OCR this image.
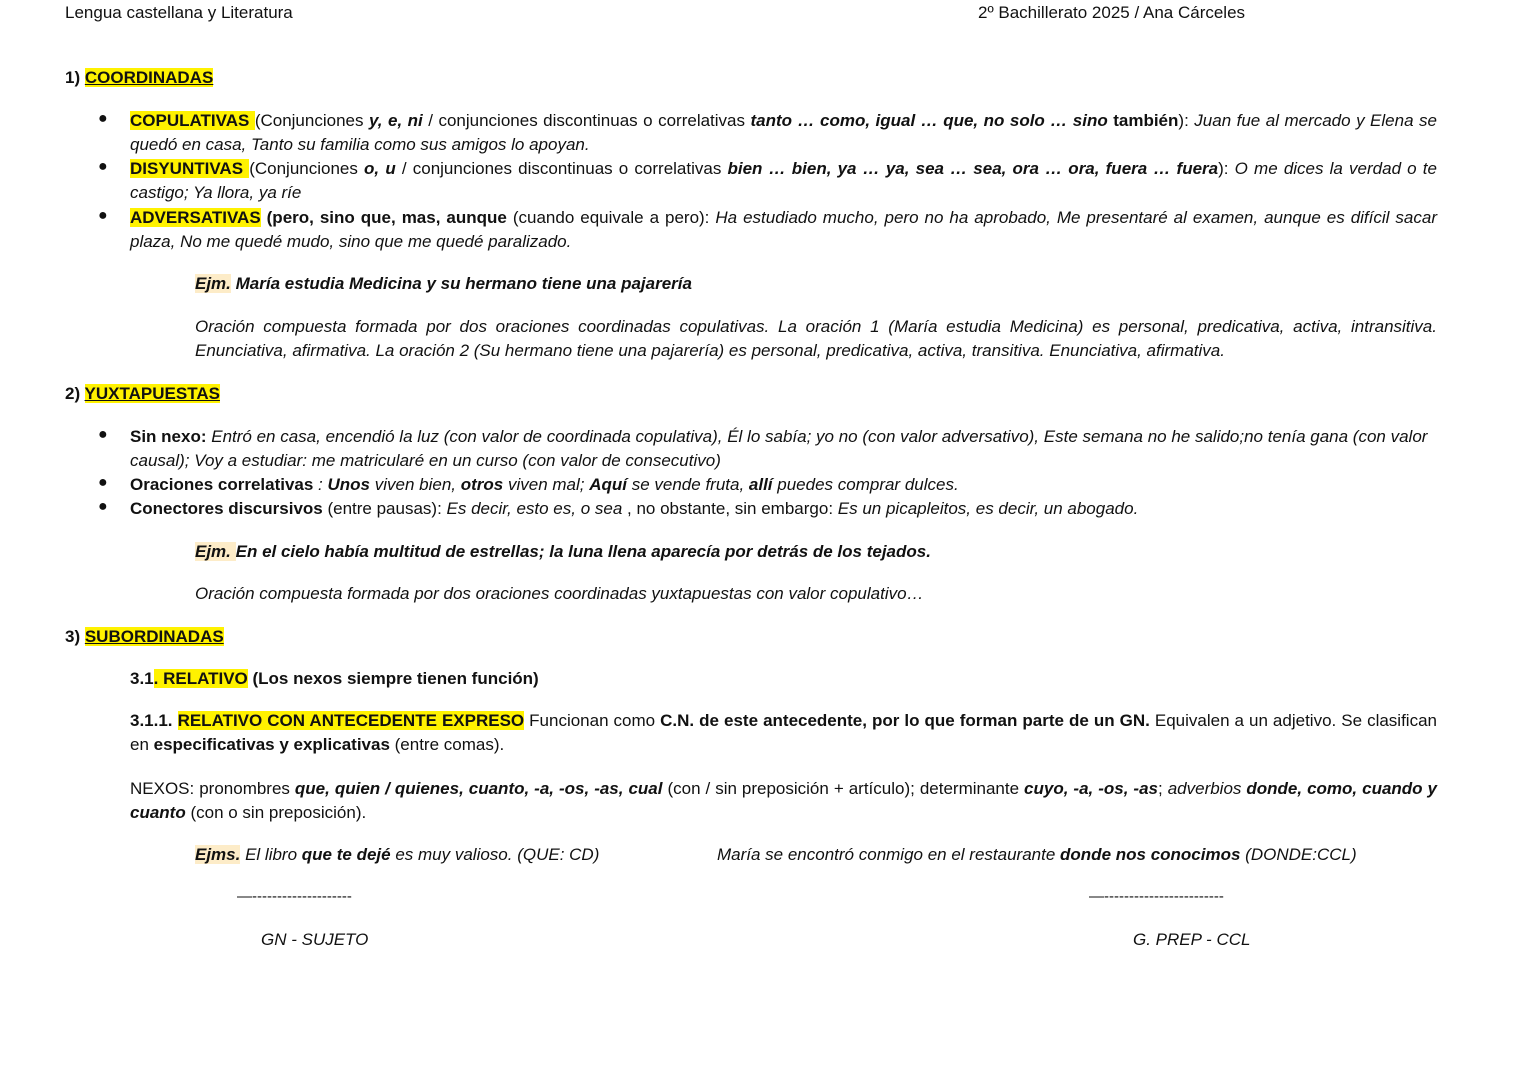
Lengua castellana y Literatura	2º Bachillerato 2025 / Ana Cárceles
1) COORDINADAS
● COPULATIVAS (Conjunciones y, e, ni / conjunciones discontinuas o correlativas tanto … como, igual … que, no solo … sino también): Juan fue al mercado y Elena se quedó en casa, Tanto su familia como sus amigos lo apoyan.
● DISYUNTIVAS (Conjunciones o, u / conjunciones discontinuas o correlativas bien … bien, ya … ya, sea … sea, ora … ora, fuera … fuera): O me dices la verdad o te castigo; Ya llora, ya ríe
● ADVERSATIVAS (pero, sino que, mas, aunque (cuando equivale a pero): Ha estudiado mucho, pero no ha aprobado, Me presentaré al examen, aunque es difícil sacar plaza, No me quedé mudo, sino que me quedé paralizado.
Ejm. María estudia Medicina y su hermano tiene una pajarería
Oración compuesta formada por dos oraciones coordinadas copulativas. La oración 1 (María estudia Medicina) es personal, predicativa, activa, intransitiva. Enunciativa, afirmativa. La oración 2 (Su hermano tiene una pajarería) es personal, predicativa, activa, transitiva. Enunciativa, afirmativa.
2) YUXTAPUESTAS
● Sin nexo: Entró en casa, encendió la luz (con valor de coordinada copulativa), Él lo sabía; yo no (con valor adversativo), Este semana no he salido;no tenía gana (con valor causal); Voy a estudiar: me matricularé en un curso (con valor de consecutivo)
● Oraciones correlativas : Unos viven bien, otros viven mal; Aquí se vende fruta, allí puedes comprar dulces.
● Conectores discursivos (entre pausas): Es decir, esto es, o sea , no obstante, sin embargo: Es un picapleitos, es decir, un abogado.
Ejm. En el cielo había multitud de estrellas; la luna llena aparecía por detrás de los tejados.
Oración compuesta formada por dos oraciones coordinadas yuxtapuestas con valor copulativo…
3) SUBORDINADAS
3.1. RELATIVO (Los nexos siempre tienen función)
3.1.1. RELATIVO CON ANTECEDENTE EXPRESO Funcionan como C.N. de este antecedente, por lo que forman parte de un GN. Equivalen a un adjetivo. Se clasifican en especificativas y explicativas (entre comas).
NEXOS: pronombres que, quien / quienes, cuanto, -a, -os, -as, cual (con / sin preposición + artículo); determinante cuyo, -a, -os, -as; adverbios donde, como, cuando y cuanto (con o sin preposición).
Ejms. El libro que te dejé es muy valioso. (QUE: CD)	María se encontró conmigo en el restaurante donde nos conocimos (DONDE:CCL)
—--------------------	—------------------------
GN - SUJETO	G. PREP - CCL
